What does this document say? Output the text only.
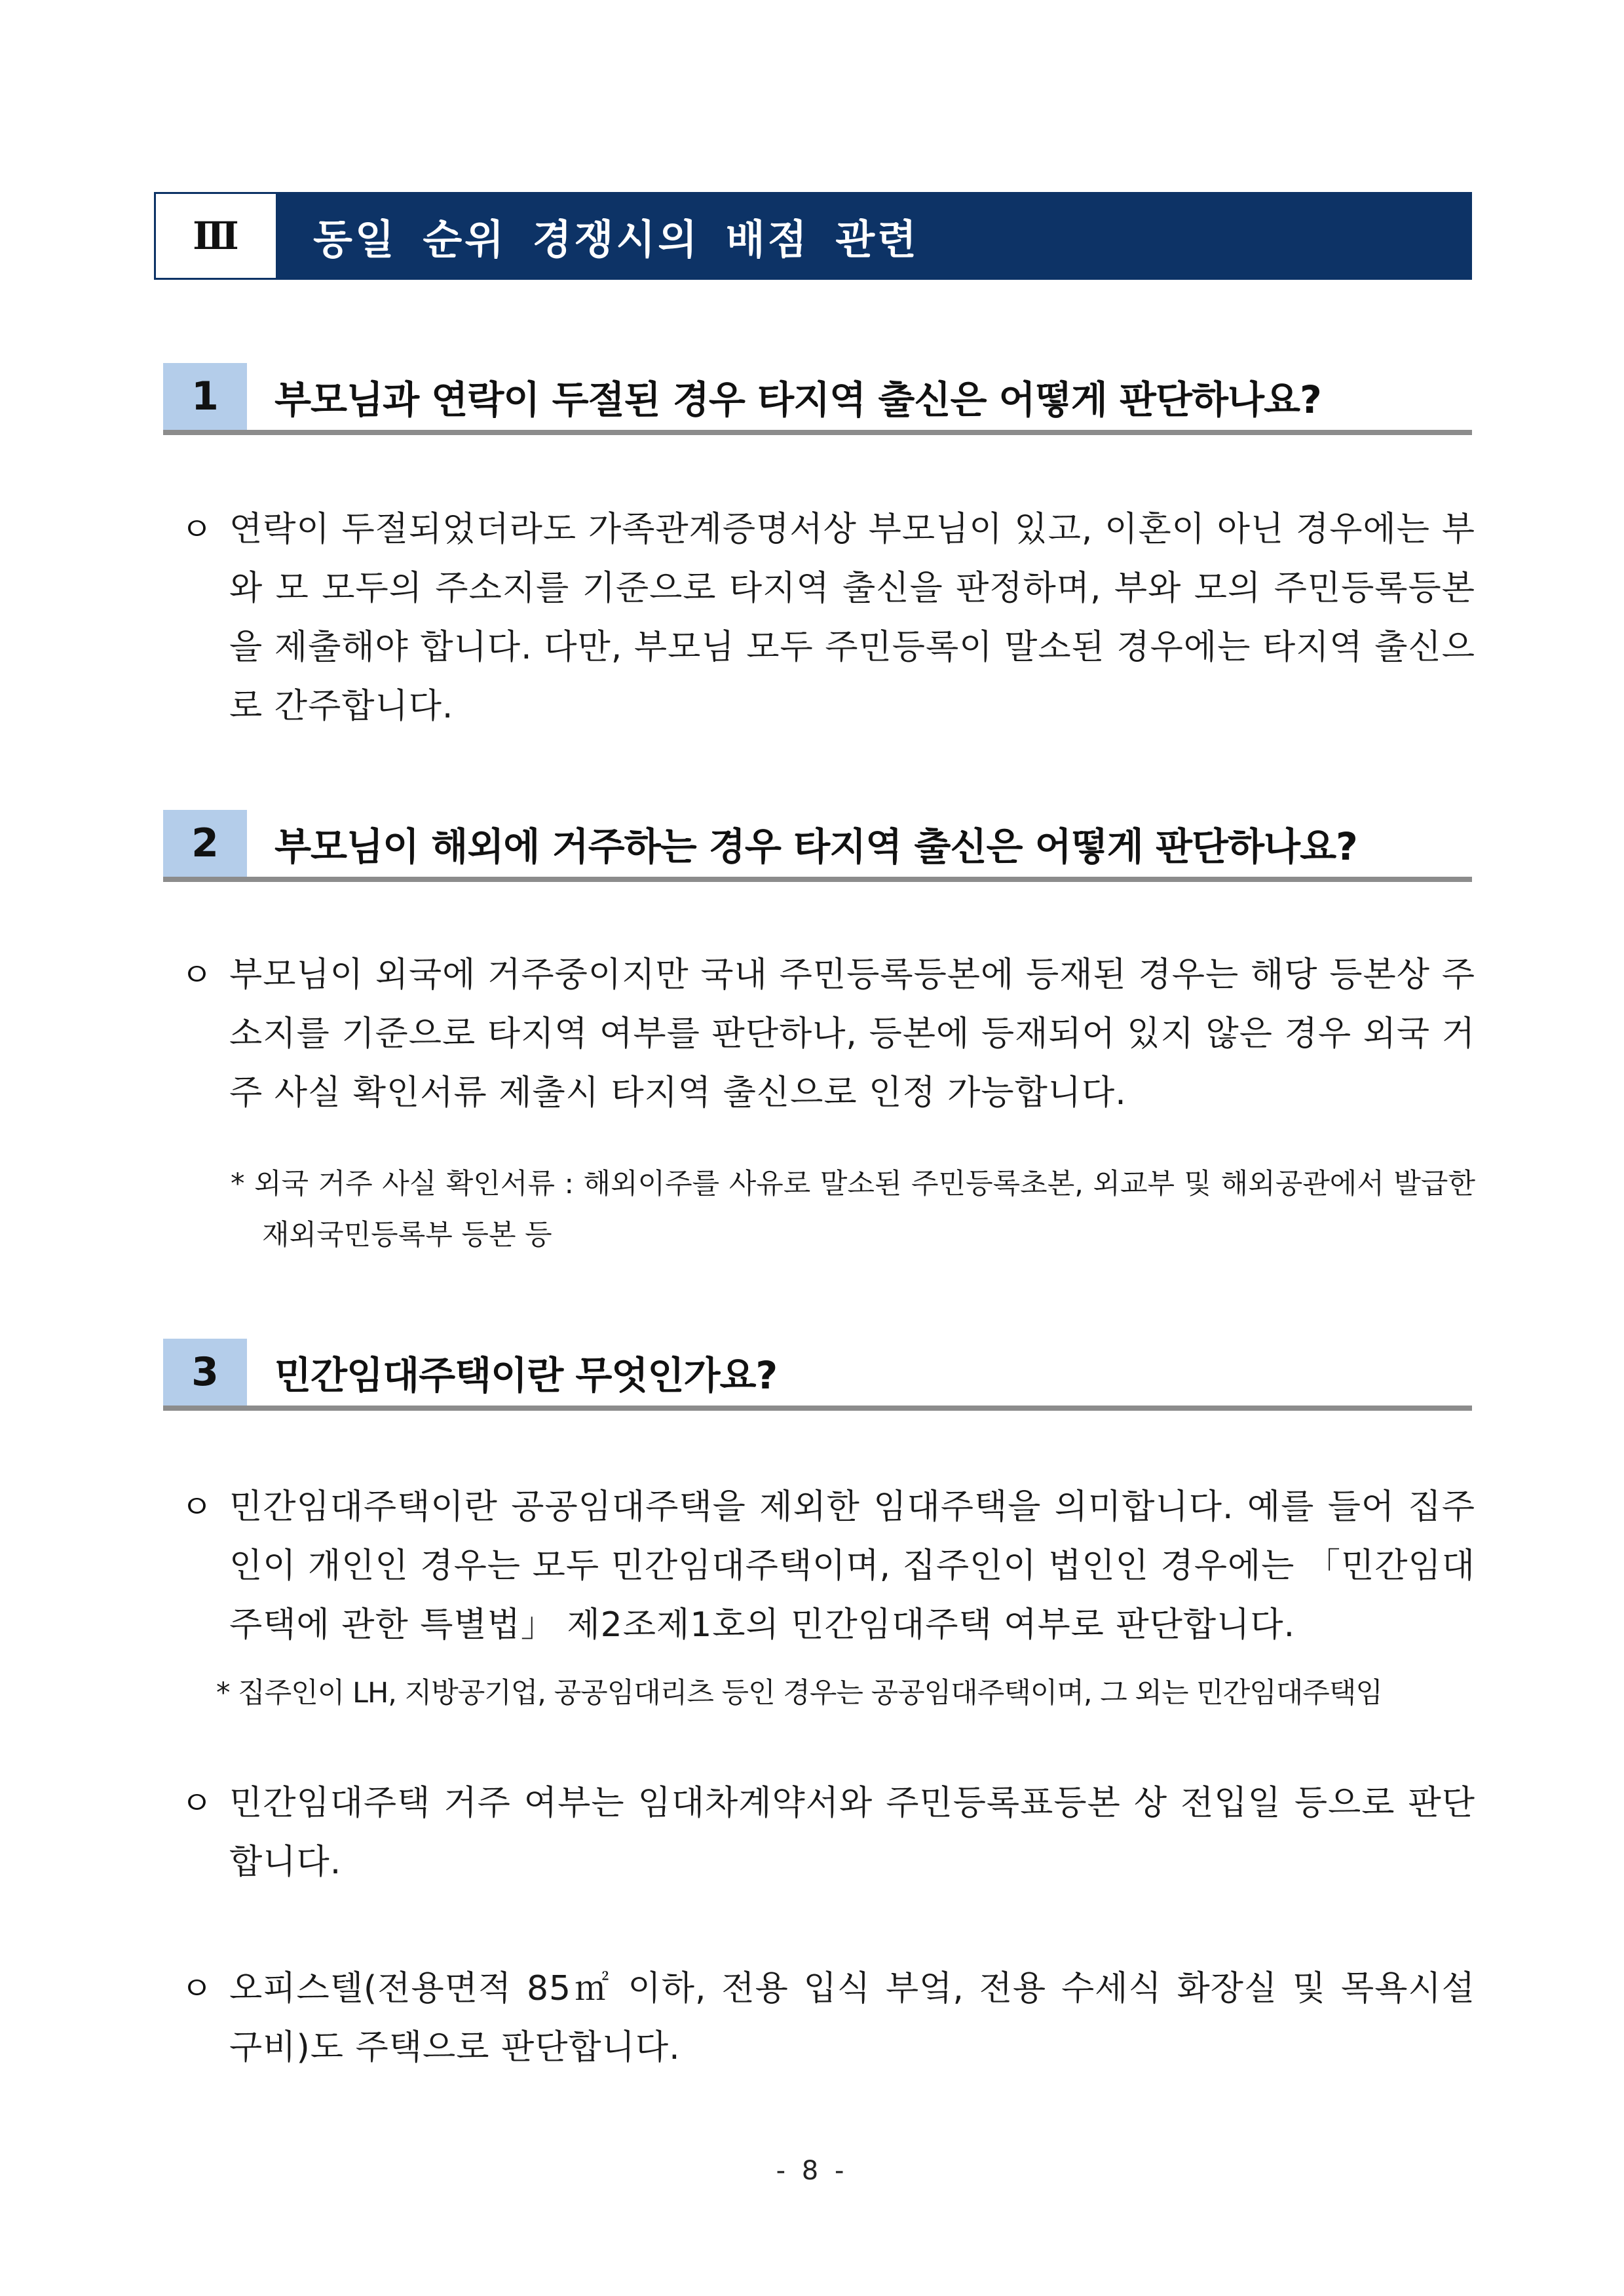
Ⅲ	동일 순위 경쟁시의 배점 관련
1	부모님과 연락이 두절된 경우 타지역 출신은 어떻게 판단하나요?
ㅇ 연락이 두절되었더라도 가족관계증명서상 부모님이 있고, 이혼이 아닌 경우에는 부와 모 모두의 주소지를 기준으로 타지역 출신을 판정하며, 부와 모의 주민등록등본을 제출해야 합니다. 다만, 부모님 모두 주민등록이 말소된 경우에는 타지역 출신으로 간주합니다.
2	부모님이 해외에 거주하는 경우 타지역 출신은 어떻게 판단하나요?
ㅇ 부모님이 외국에 거주중이지만 국내 주민등록등본에 등재된 경우는 해당 등본상 주소지를 기준으로 타지역 여부를 판단하나, 등본에 등재되어 있지 않은 경우 외국 거주 사실 확인서류 제출시 타지역 출신으로 인정 가능합니다.
* 외국 거주 사실 확인서류 : 해외이주를 사유로 말소된 주민등록초본, 외교부 및 해외공관에서 발급한 재외국민등록부 등본 등
3	민간임대주택이란 무엇인가요?
ㅇ 민간임대주택이란 공공임대주택을 제외한 임대주택을 의미합니다. 예를 들어 집주인이 개인인 경우는 모두 민간임대주택이며, 집주인이 법인인 경우에는 「민간임대주택에 관한 특별법」 제2조제1호의 민간임대주택 여부로 판단합니다.
* 집주인이 LH, 지방공기업, 공공임대리츠 등인 경우는 공공임대주택이며, 그 외는 민간임대주택임
ㅇ 민간임대주택 거주 여부는 임대차계약서와 주민등록표등본 상 전입일 등으로 판단합니다.
ㅇ 오피스텔(전용면적 85㎡ 이하, 전용 입식 부엌, 전용 수세식 화장실 및 목욕시설 구비)도 주택으로 판단합니다.
- 8 -
